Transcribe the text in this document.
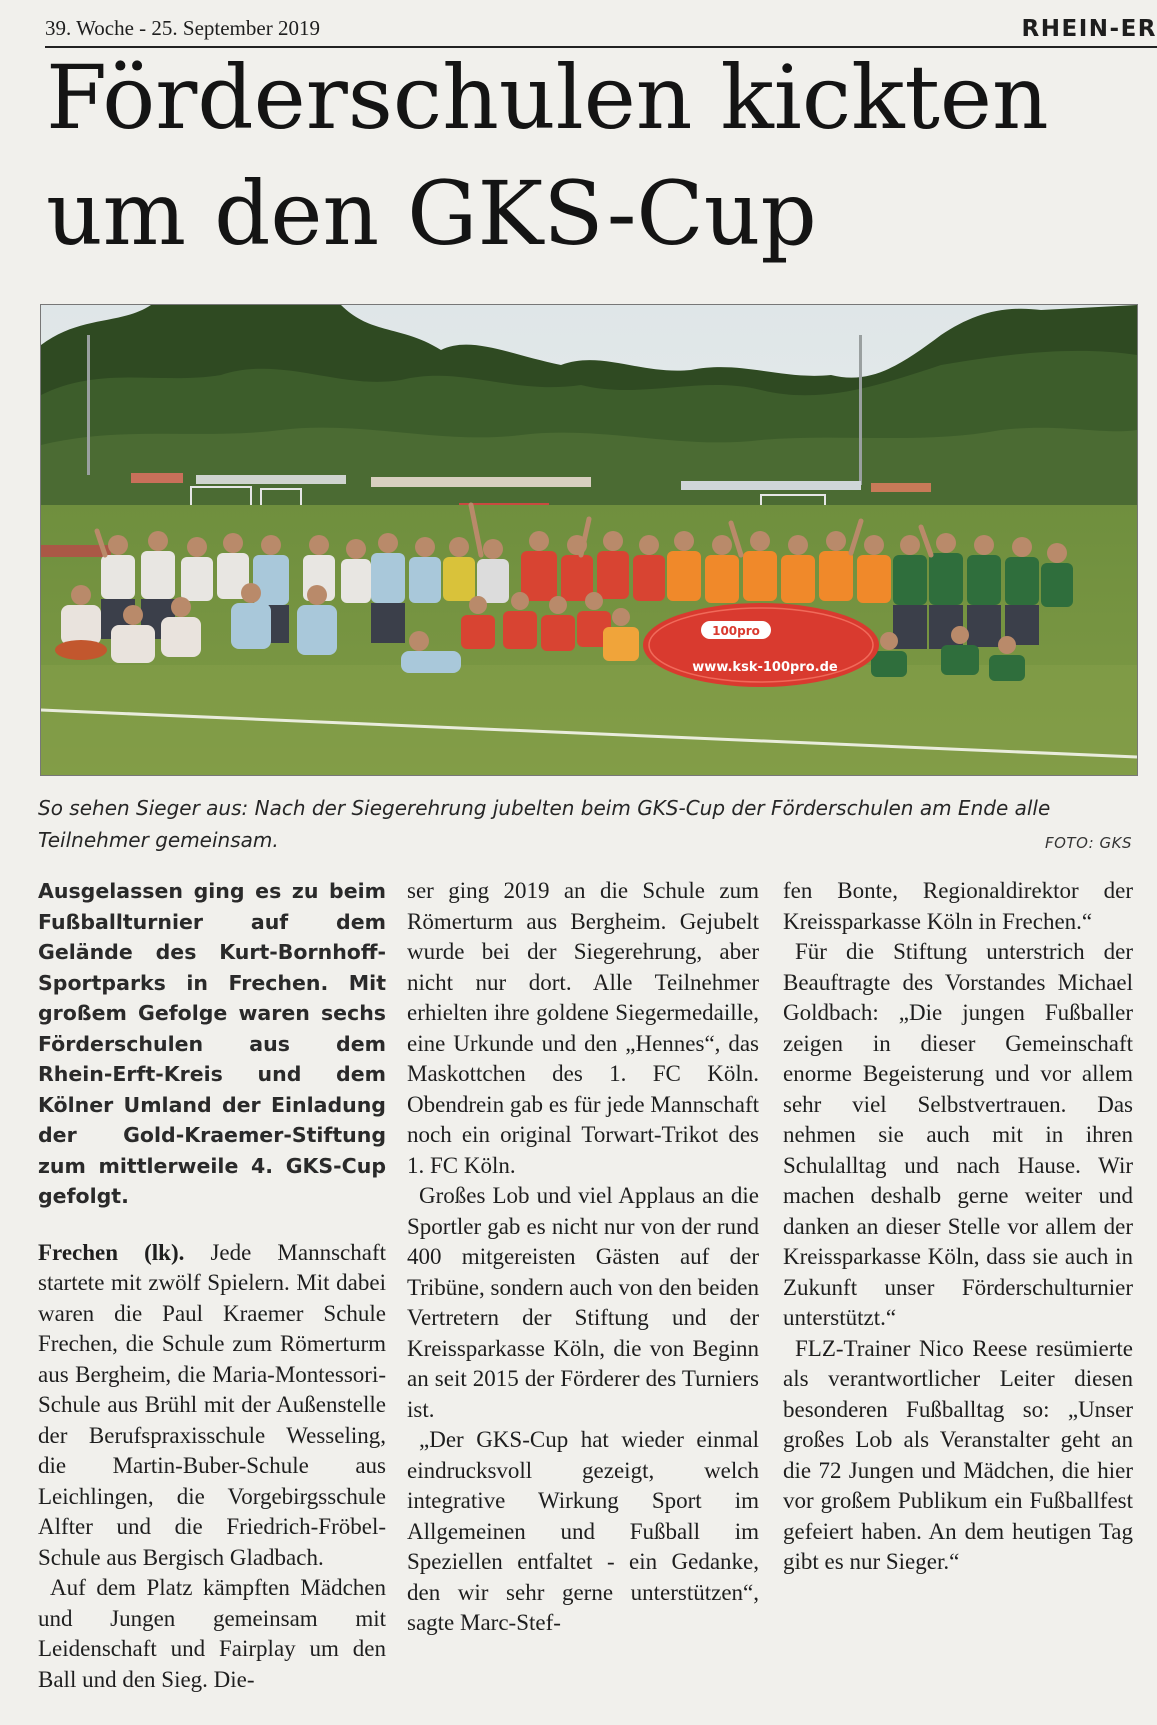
39. Woche - 25. September 2019	RHEIN-ER
Förderschulen kickten
um den GKS-Cup
100pro
www.ksk-100pro.de

So sehen Sieger aus: Nach der Siegerehrung jubelten beim GKS-Cup der Förderschulen am Ende alle Teilnehmer gemeinsam.	FOTO: GKS

Ausgelassen ging es zu beim Fußballturnier auf dem Gelände des Kurt-Bornhoff-Sportparks in Frechen. Mit großem Gefolge waren sechs Förderschulen aus dem Rhein-Erft-Kreis und dem Kölner Umland der Einladung der Gold-Kraemer-Stiftung zum mittlerweile 4. GKS-Cup gefolgt.

Frechen (lk). Jede Mannschaft startete mit zwölf Spielern. Mit dabei waren die Paul Kraemer Schule Frechen, die Schule zum Römerturm aus Bergheim, die Maria-Montessori-Schule aus Brühl mit der Außenstelle der Berufspraxisschule Wesseling, die Martin-Buber-Schule aus Leichlingen, die Vorgebirgsschule Alfter und die Friedrich-Fröbel-Schule aus Bergisch Gladbach.

Auf dem Platz kämpften Mädchen und Jungen gemeinsam mit Leidenschaft und Fairplay um den Ball und den Sieg. Die-

ser ging 2019 an die Schule zum Römerturm aus Bergheim. Gejubelt wurde bei der Siegerehrung, aber nicht nur dort. Alle Teilnehmer erhielten ihre goldene Siegermedaille, eine Urkunde und den „Hennes“, das Maskottchen des 1. FC Köln. Obendrein gab es für jede Mannschaft noch ein original Torwart-Trikot des 1. FC Köln.

Großes Lob und viel Applaus an die Sportler gab es nicht nur von der rund 400 mitgereisten Gästen auf der Tribüne, sondern auch von den beiden Vertretern der Stiftung und der Kreissparkasse Köln, die von Beginn an seit 2015 der Förderer des Turniers ist.

„Der GKS-Cup hat wieder einmal eindrucksvoll gezeigt, welch integrative Wirkung Sport im Allgemeinen und Fußball im Speziellen entfaltet - ein Gedanke, den wir sehr gerne unterstützen“, sagte Marc-Stef-

fen Bonte, Regionaldirektor der Kreissparkasse Köln in Frechen.“

Für die Stiftung unterstrich der Beauftragte des Vorstandes Michael Goldbach: „Die jungen Fußballer zeigen in dieser Gemeinschaft enorme Begeisterung und vor allem sehr viel Selbstvertrauen. Das nehmen sie auch mit in ihren Schulalltag und nach Hause. Wir machen deshalb gerne weiter und danken an dieser Stelle vor allem der Kreissparkasse Köln, dass sie auch in Zukunft unser Förderschulturnier unterstützt.“

FLZ-Trainer Nico Reese resümierte als verantwortlicher Leiter diesen besonderen Fußballtag so: „Unser großes Lob als Veranstalter geht an die 72 Jungen und Mädchen, die hier vor großem Publikum ein Fußballfest gefeiert haben. An dem heutigen Tag gibt es nur Sieger.“
